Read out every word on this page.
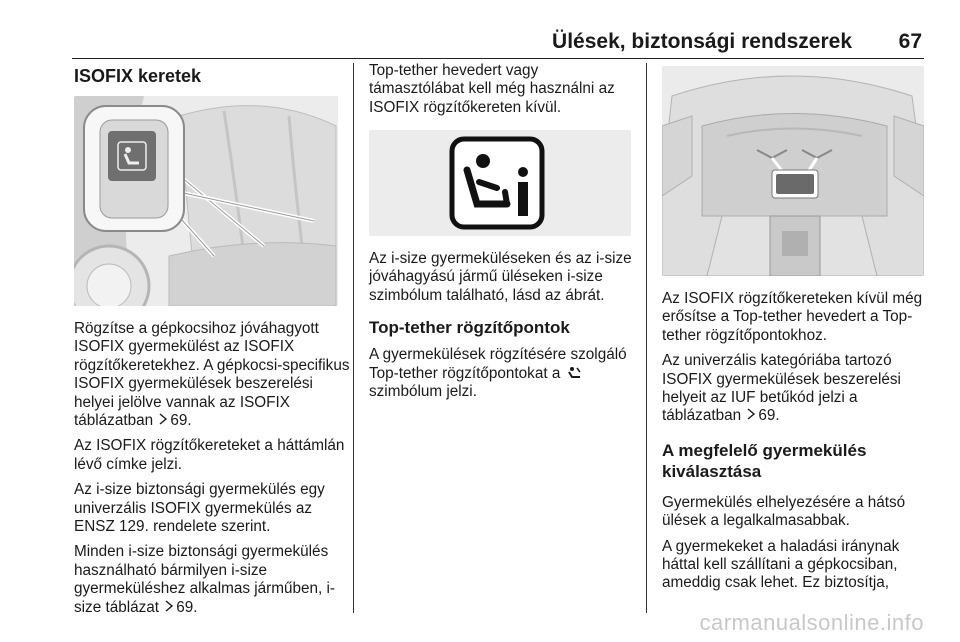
Ülések, biztonsági rendszerek 67
ISOFIX keretek

Rögzítse a gépkocsihoz jóváhagyott ISOFIX gyermekülést az ISOFIX rögzítőkeretekhez. A gépkocsi-specifikus ISOFIX gyermekülések beszerelési helyei jelölve vannak az ISOFIX táblázatban 69.

Az ISOFIX rögzítőkereteket a háttámlán lévő címke jelzi.

Az i-size biztonsági gyermekülés egy univerzális ISOFIX gyermekülés az ENSZ 129. rendelete szerint.

Minden i-size biztonsági gyermekülés használható bármilyen i-size gyermeküléshez alkalmas járműben, i-size táblázat 69.

Top-tether hevedert vagy támasztólábat kell még használni az ISOFIX rögzítőkereten kívül.

Az i-size gyermeküléseken és az i-size jóváhagyású jármű üléseken i-size szimbólum található, lásd az ábrát.

Top-tether rögzítőpontok

A gyermekülések rögzítésére szolgáló Top-tether rögzítőpontokat a  szimbólum jelzi.

Az ISOFIX rögzítőkereteken kívül még erősítse a Top-tether hevedert a Top-tether rögzítőpontokhoz.

Az univerzális kategóriába tartozó ISOFIX gyermekülések beszerelési helyeit az IUF betűkód jelzi a táblázatban 69.

A megfelelő gyermekülés kiválasztása

Gyermekülés elhelyezésére a hátsó ülések a legalkalmasabbak.

A gyermekeket a haladási iránynak háttal kell szállítani a gépkocsiban, ameddig csak lehet. Ez biztosítja,

carmanualsonline.info
